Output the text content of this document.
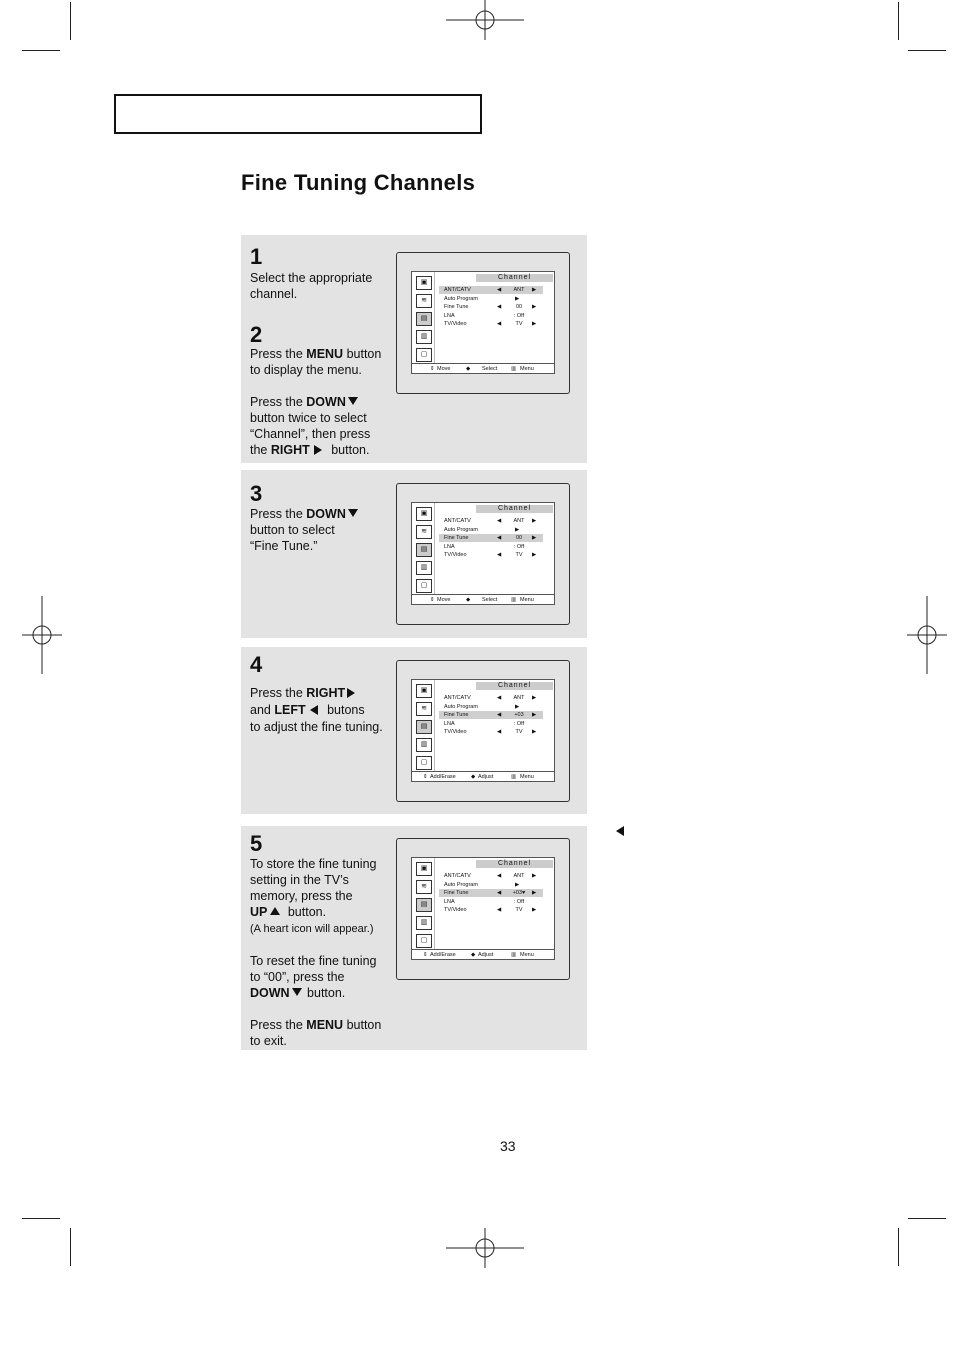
Fine Tuning Channels
1
Select the appropriate
channel.
2
Press the MENU button
to display the menu.

Press the DOWN
button twice to select
“Channel”, then press
the RIGHT button.
3
Press the DOWN
button to select
“Fine Tune.”
4
Press the RIGHT
and LEFT butons
to adjust the fine tuning.
5
To store the fine tuning
setting in the TV’s
memory, press the
UP button.
(A heart icon will appear.)

To reset the fine tuning
to “00”, press the
DOWN button.

Press the MENU button
to exit.
▣
≋
▤
▥
▢
Channel
ANT/CATV	◀	ANT	▶
Auto Program	▶
Fine Tune	◀	00	▶
LNA	: Off
TV/Video	◀	TV	▶
⇕ Move	◆ Select ▥ Menu
▣
≋
▤
▥
▢
Channel
ANT/CATV	◀	ANT	▶
Auto Program	▶
Fine Tune	◀	00	▶
LNA	: Off
TV/Video	◀	TV	▶
⇕ Move	◆ Select ▥ Menu
▣
≋
▤
▥
▢
Channel
ANT/CATV	◀	ANT	▶
Auto Program	▶
Fine Tune	◀	+03	▶
LNA	: Off
TV/Video	◀	TV	▶
⇕ Add/Erase	◆ Adjust	▥ Menu
▣
≋
▤
▥
▢
Channel
ANT/CATV	◀	ANT	▶
Auto Program	▶
Fine Tune	◀	+03♥	▶
LNA	: Off
TV/Video	◀	TV	▶
⇕ Add/Erase	◆ Adjust	▥ Menu
33
